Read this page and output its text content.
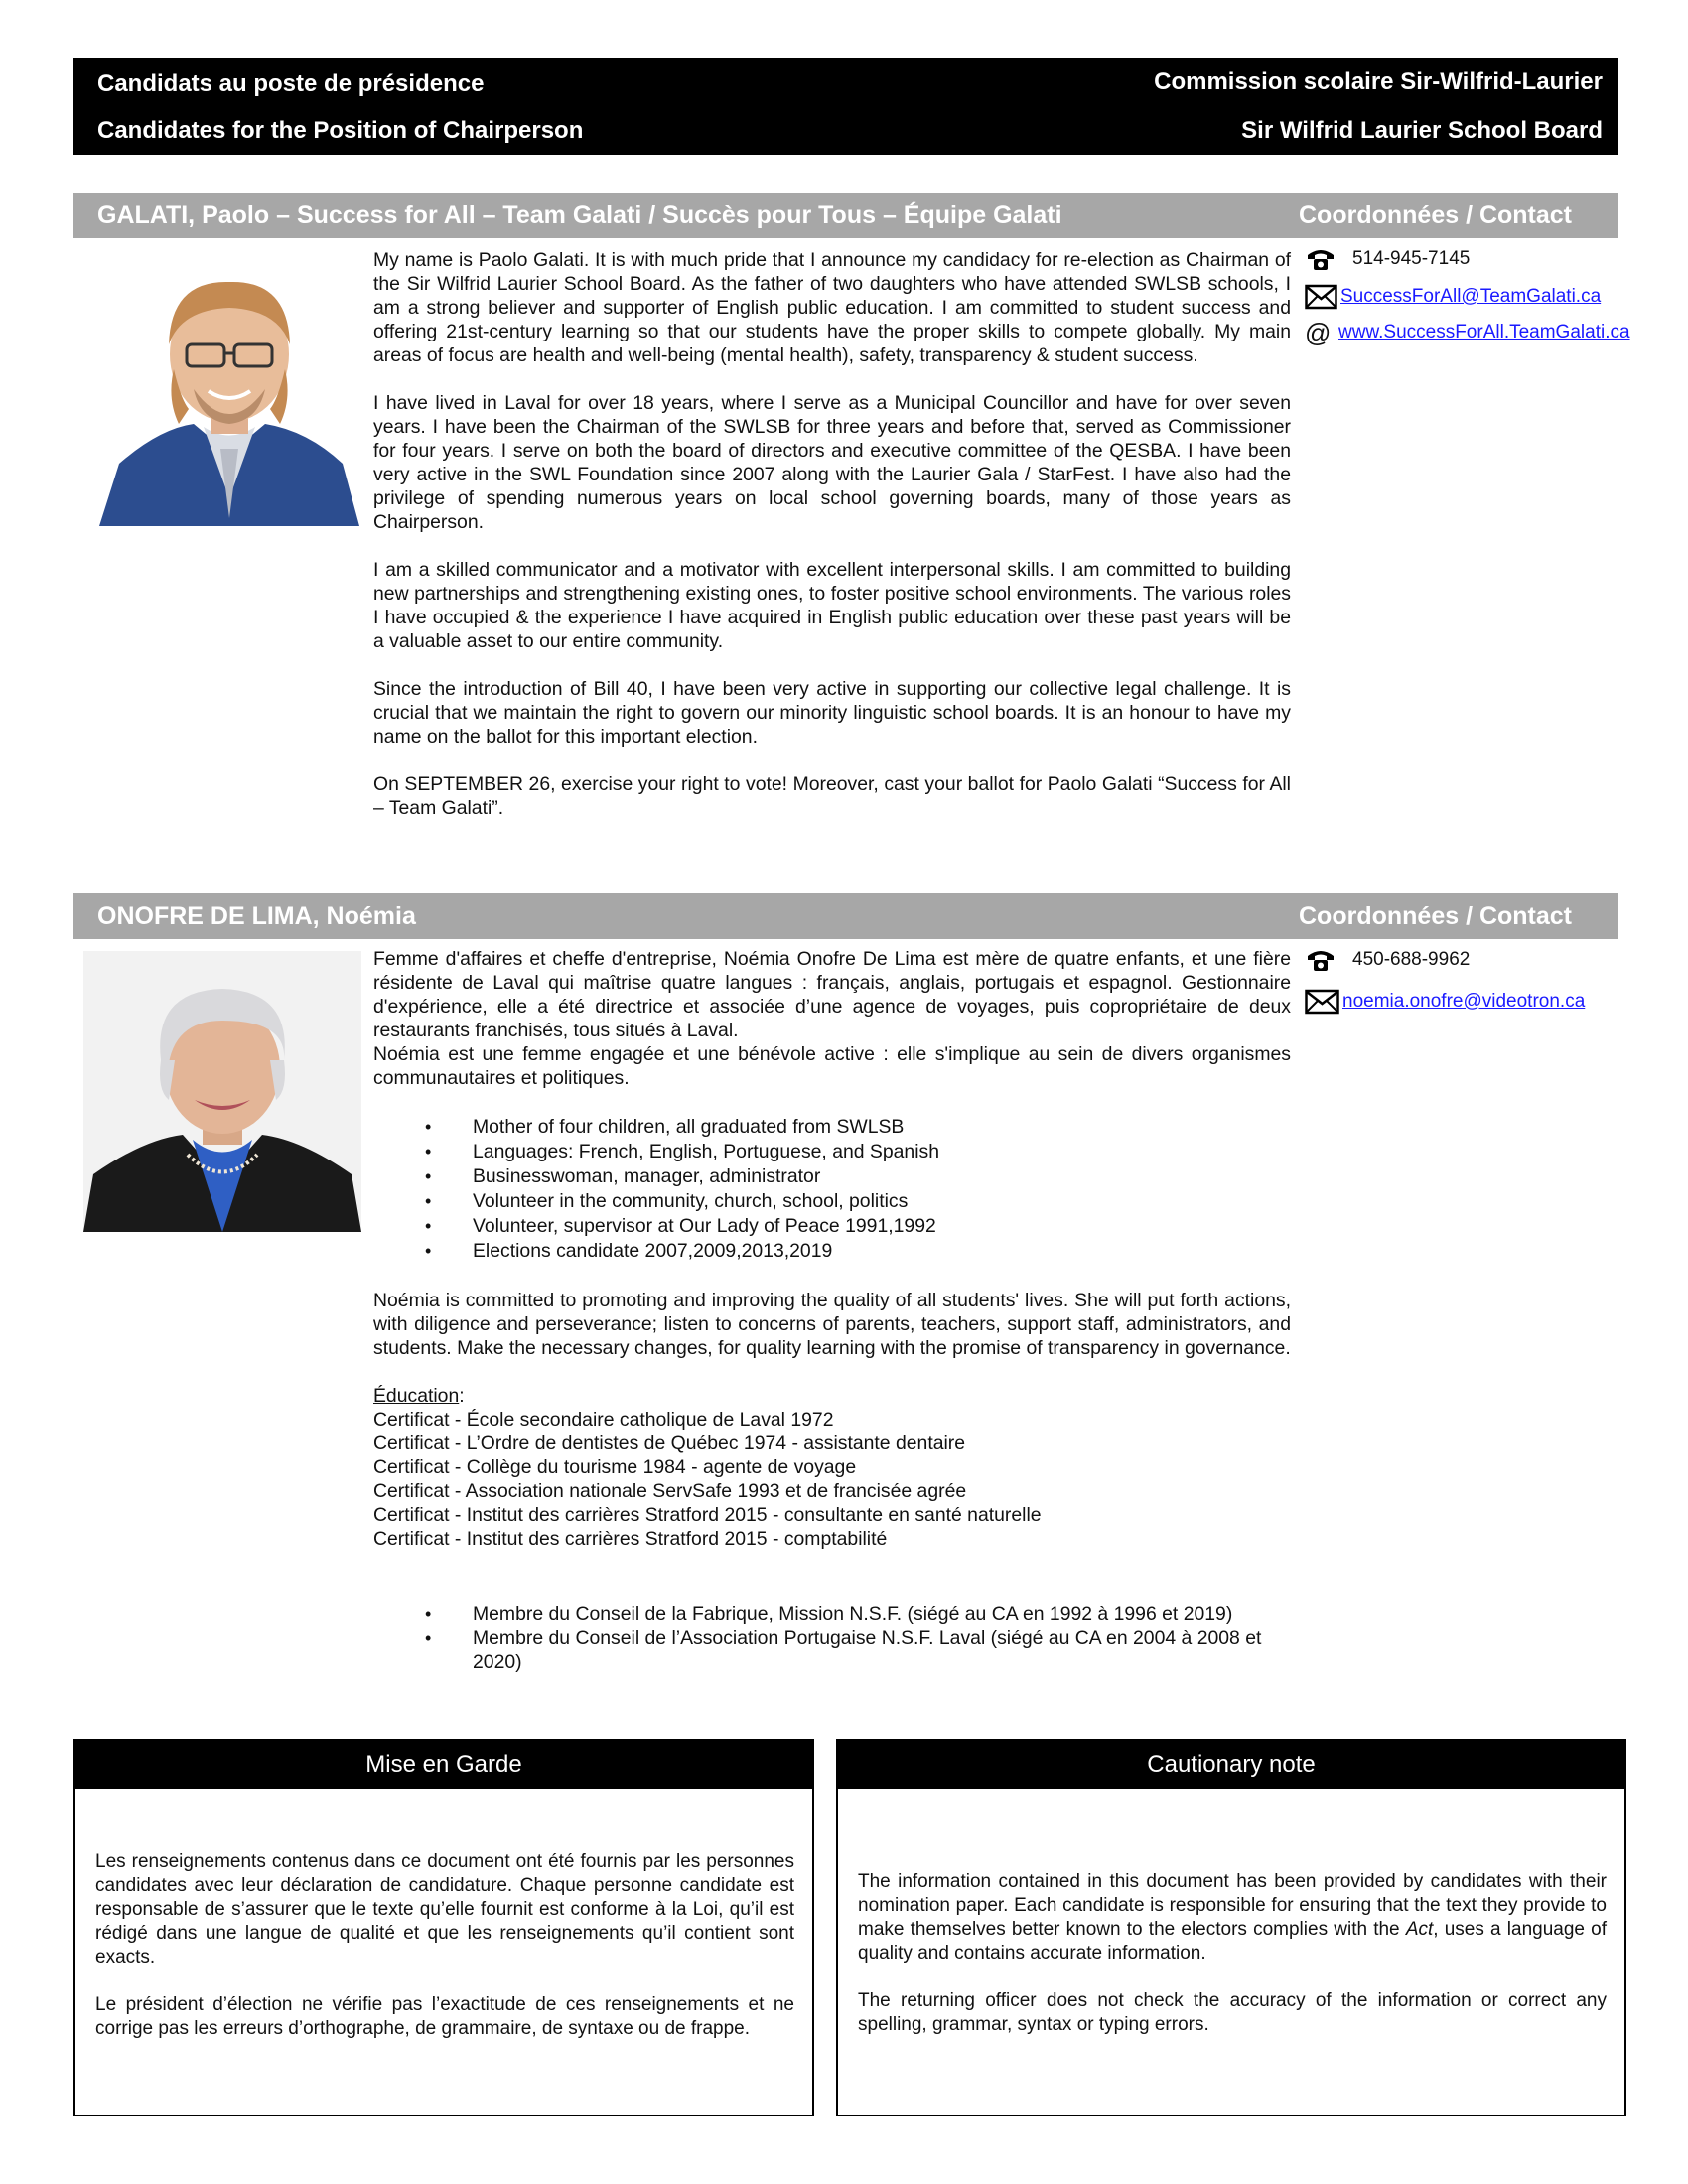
Candidats au poste de présidence
Candidates for the Position of Chairperson
Commission scolaire Sir-Wilfrid-Laurier
Sir Wilfrid Laurier School Board
GALATI, Paolo – Success for All – Team Galati / Succès pour Tous – Équipe Galati	Coordonnées / Contact

My name is Paolo Galati. It is with much pride that I announce my candidacy for re-election as Chairman of the Sir Wilfrid Laurier School Board. As the father of two daughters who have attended SWLSB schools, I am a strong believer and supporter of English public education. I am committed to student success and offering 21st-century learning so that our students have the proper skills to compete globally. My main areas of focus are health and well-being (mental health), safety, transparency & student success.

I have lived in Laval for over 18 years, where I serve as a Municipal Councillor and have for over seven years. I have been the Chairman of the SWLSB for three years and before that, served as Commissioner for four years. I serve on both the board of directors and executive committee of the QESBA. I have been very active in the SWL Foundation since 2007 along with the Laurier Gala / StarFest. I have also had the privilege of spending numerous years on local school governing boards, many of those years as Chairperson.

I am a skilled communicator and a motivator with excellent interpersonal skills. I am committed to building new partnerships and strengthening existing ones, to foster positive school environments. The various roles I have occupied & the experience I have acquired in English public education over these past years will be a valuable asset to our entire community.

Since the introduction of Bill 40, I have been very active in supporting our collective legal challenge. It is crucial that we maintain the right to govern our minority linguistic school boards. It is an honour to have my name on the ballot for this important election.

On SEPTEMBER 26, exercise your right to vote! Moreover, cast your ballot for Paolo Galati “Success for All – Team Galati”.

514-945-7145
SuccessForAll@TeamGalati.ca
@ www.SuccessForAll.TeamGalati.ca
ONOFRE DE LIMA, Noémia	Coordonnées / Contact
Femme d'affaires et cheffe d'entreprise, Noémia Onofre De Lima est mère de quatre enfants, et une fière résidente de Laval qui maîtrise quatre langues : français, anglais, portugais et espagnol. Gestionnaire d'expérience, elle a été directrice et associée d’une agence de voyages, puis copropriétaire de deux restaurants franchisés, tous situés à Laval.
Noémia est une femme engagée et une bénévole active : elle s'implique au sein de divers organismes communautaires et politiques.
• Mother of four children, all graduated from SWLSB
• Languages: French, English, Portuguese, and Spanish
• Businesswoman, manager, administrator
• Volunteer in the community, church, school, politics
• Volunteer, supervisor at Our Lady of Peace 1991,1992
• Elections candidate 2007,2009,2013,2019
Noémia is committed to promoting and improving the quality of all students' lives. She will put forth actions, with diligence and perseverance; listen to concerns of parents, teachers, support staff, administrators, and students. Make the necessary changes, for quality learning with the promise of transparency in governance.
Éducation:
Certificat - École secondaire catholique de Laval 1972
Certificat - L’Ordre de dentistes de Québec 1974 - assistante dentaire
Certificat - Collège du tourisme 1984 - agente de voyage
Certificat - Association nationale ServSafe 1993 et de francisée agrée
Certificat - Institut des carrières Stratford 2015 - consultante en santé naturelle
Certificat - Institut des carrières Stratford 2015 - comptabilité
• Membre du Conseil de la Fabrique, Mission N.S.F. (siégé au CA en 1992 à 1996 et 2019)
• Membre du Conseil de l’Association Portugaise N.S.F. Laval (siégé au CA en 2004 à 2008 et 2020)
450-688-9962
noemia.onofre@videotron.ca
Mise en Garde

Les renseignements contenus dans ce document ont été fournis par les personnes candidates avec leur déclaration de candidature. Chaque personne candidate est responsable de s’assurer que le texte qu’elle fournit est conforme à la Loi, qu’il est rédigé dans une langue de qualité et que les renseignements qu’il contient sont exacts.

Le président d’élection ne vérifie pas l’exactitude de ces renseignements et ne corrige pas les erreurs d’orthographe, de grammaire, de syntaxe ou de frappe.

Cautionary note

The information contained in this document has been provided by candidates with their nomination paper. Each candidate is responsible for ensuring that the text they provide to make themselves better known to the electors complies with the Act, uses a language of quality and contains accurate information.

The returning officer does not check the accuracy of the information or correct any spelling, grammar, syntax or typing errors.
